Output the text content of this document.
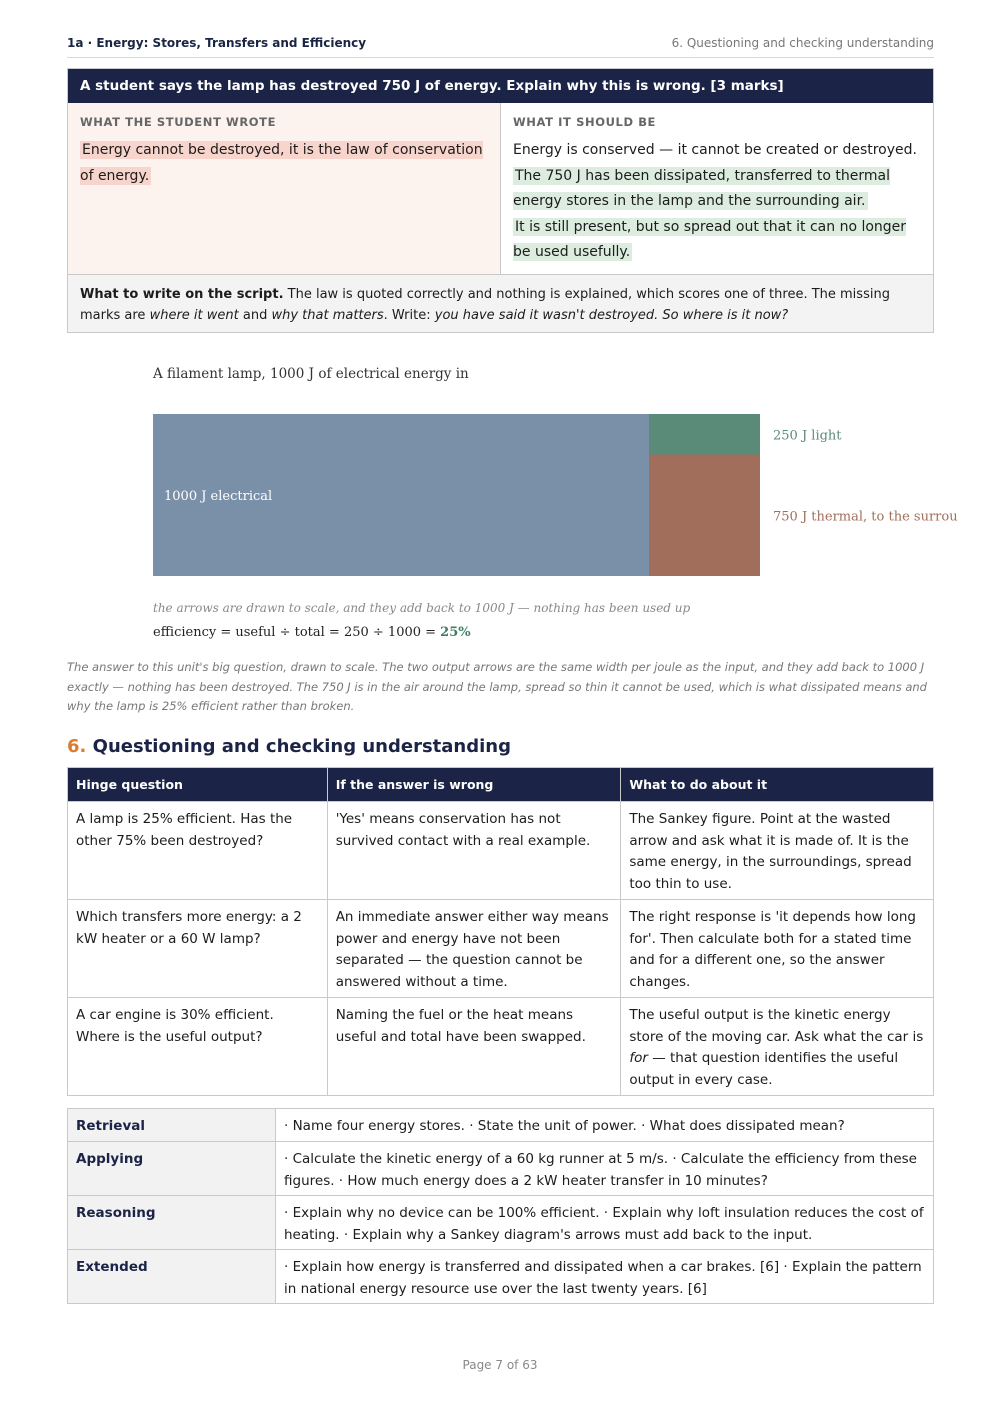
1a · Energy: Stores, Transfers and Efficiency	6. Questioning and checking understanding
A student says the lamp has destroyed 750 J of energy. Explain why this is wrong. [3 marks]
WHAT THE STUDENT WROTE
Energy cannot be destroyed, it is the law of conservation of energy.
WHAT IT SHOULD BE
Energy is conserved — it cannot be created or destroyed.
The 750 J has been dissipated, transferred to thermal energy stores in the lamp and the surrounding air.
It is still present, but so spread out that it can no longer be used usefully.
What to write on the script. The law is quoted correctly and nothing is explained, which scores one of three. The missing marks are where it went and why that matters. Write: you have said it wasn't destroyed. So where is it now?
A filament lamp, 1000 J of electrical energy in
1000 J electrical
250 J light
750 J thermal, to the surrou
the arrows are drawn to scale, and they add back to 1000 J — nothing has been used up
efficiency = useful ÷ total = 250 ÷ 1000 = 25%
The answer to this unit's big question, drawn to scale. The two output arrows are the same width per joule as the input, and they add back to 1000 J exactly — nothing has been destroyed. The 750 J is in the air around the lamp, spread so thin it cannot be used, which is what dissipated means and why the lamp is 25% efficient rather than broken.
6. Questioning and checking understanding
Hinge question	If the answer is wrong	What to do about it
A lamp is 25% efficient. Has the other 75% been destroyed?	'Yes' means conservation has not survived contact with a real example.	The Sankey figure. Point at the wasted arrow and ask what it is made of. It is the same energy, in the surroundings, spread too thin to use.
Which transfers more energy: a 2 kW heater or a 60 W lamp?	An immediate answer either way means power and energy have not been separated — the question cannot be answered without a time.	The right response is 'it depends how long for'. Then calculate both for a stated time and for a different one, so the answer changes.
A car engine is 30% efficient. Where is the useful output?	Naming the fuel or the heat means useful and total have been swapped.	The useful output is the kinetic energy store of the moving car. Ask what the car is for — that question identifies the useful output in every case.
Retrieval	· Name four energy stores. · State the unit of power. · What does dissipated mean?
Applying	· Calculate the kinetic energy of a 60 kg runner at 5 m/s. · Calculate the efficiency from these figures. · How much energy does a 2 kW heater transfer in 10 minutes?
Reasoning	· Explain why no device can be 100% efficient. · Explain why loft insulation reduces the cost of heating. · Explain why a Sankey diagram's arrows must add back to the input.
Extended	· Explain how energy is transferred and dissipated when a car brakes. [6] · Explain the pattern in national energy resource use over the last twenty years. [6]
Page 7 of 63
